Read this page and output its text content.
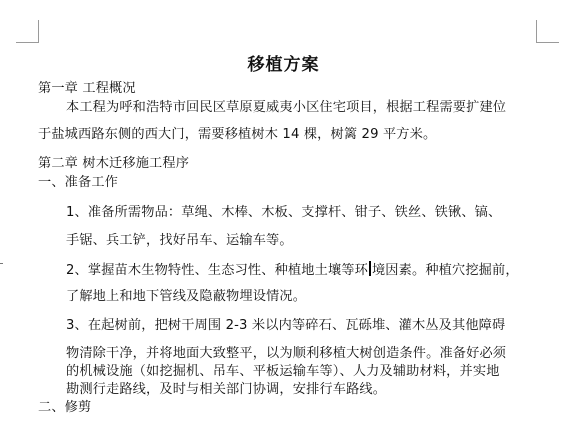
移植方案
第一章 工程概况
本工程为呼和浩特市回民区草原夏威夷小区住宅项目，根据工程需要扩建位
于盐城西路东侧的西大门，需要移植树木 14 棵，树篱 29 平方米。
第二章 树木迁移施工程序
一、准备工作
1、准备所需物品：草绳、木棒、木板、支撑杆、钳子、铁丝、铁锹、镐、
手锯、兵工铲，找好吊车、运输车等。
2、掌握苗木生物特性、生态习性、种植地土壤等环 境因素。种植穴挖掘前，
了解地上和地下管线及隐蔽物埋设情况。
3、在起树前，把树干周围 2-3 米以内等碎石、瓦砾堆、灌木丛及其他障碍
物清除干净，并将地面大致整平，以为顺利移植大树创造条件。准备好必须
的机械设施（如挖掘机、吊车、平板运输车等）、人力及辅助材料，并实地
勘测行走路线，及时与相关部门协调，安排行车路线。
二、修剪
